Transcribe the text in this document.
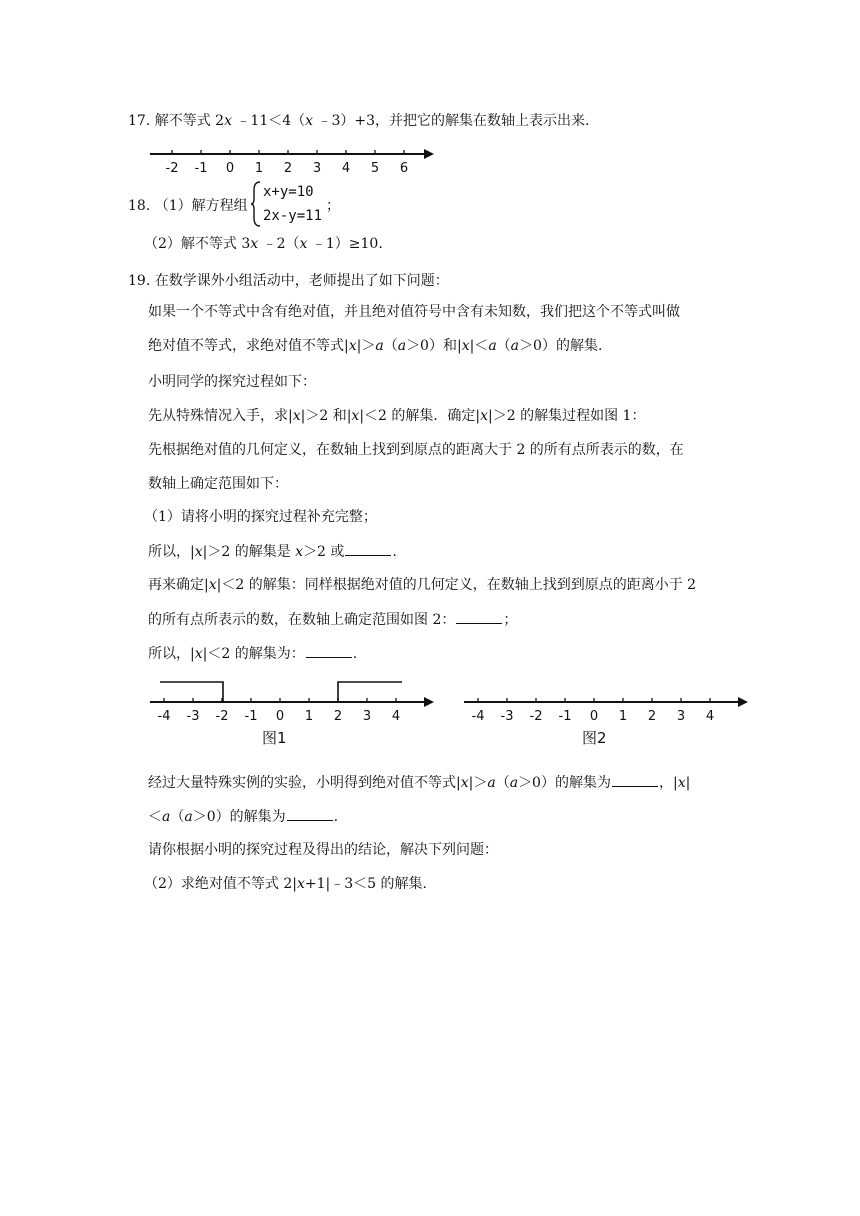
17. 解不等式 2x ﹣11＜4（x ﹣3）+3，并把它的解集在数轴上表示出来.
-2 -1 0 1 2 3 4 5 6
18. （1）解方程组
x+y=10
2x-y=11
；
（2）解不等式 3x ﹣2（x ﹣1）≥10.
19. 在数学课外小组活动中，老师提出了如下问题：
如果一个不等式中含有绝对值，并且绝对值符号中含有未知数，我们把这个不等式叫做
绝对值不等式，求绝对值不等式|x|＞a（a＞0）和|x|＜a（a＞0）的解集.
小明同学的探究过程如下：
先从特殊情况入手，求|x|＞2 和|x|＜2 的解集．确定|x|＞2 的解集过程如图 1：
先根据绝对值的几何定义，在数轴上找到到原点的距离大于 2 的所有点所表示的数，在
数轴上确定范围如下：
（1）请将小明的探究过程补充完整；
所以，|x|＞2 的解集是 x＞2 或	.
再来确定|x|＜2 的解集：同样根据绝对值的几何定义，在数轴上找到到原点的距离小于 2
的所有点所表示的数，在数轴上确定范围如图 2：	；
所以，|x|＜2 的解集为：	.
-4 -3 -2 -1 0 1 2 3 4
图1
-4 -3 -2 -1 0 1 2 3 4
图2
经过大量特殊实例的实验，小明得到绝对值不等式|x|＞a（a＞0）的解集为	，|x|
＜a（a＞0）的解集为	.
请你根据小明的探究过程及得出的结论，解决下列问题：
（2）求绝对值不等式 2|x+1|﹣3＜5 的解集.
